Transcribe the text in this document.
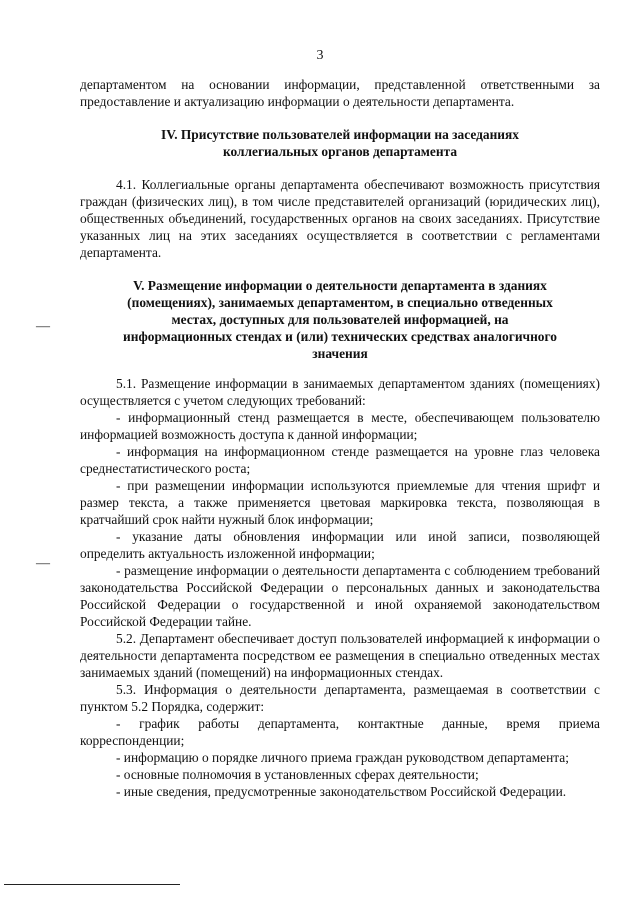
3
—
—

департаментом на основании информации, представленной ответственными за предоставление и актуализацию информации о деятельности департамента.

IV. Присутствие пользователей информации на заседаниях
коллегиальных органов департамента

4.1. Коллегиальные органы департамента обеспечивают возможность присутствия граждан (физических лиц), в том числе представителей организаций (юридических лиц), общественных объединений, государственных органов на своих заседаниях. Присутствие указанных лиц на этих заседаниях осуществляется в соответствии с регламентами департамента.

V. Размещение информации о деятельности департамента в зданиях
(помещениях), занимаемых департаментом, в специально отведенных
местах, доступных для пользователей информацией, на
информационных стендах и (или) технических средствах аналогичного
значения

5.1. Размещение информации в занимаемых департаментом зданиях (помещениях) осуществляется с учетом следующих требований:

- информационный стенд размещается в месте, обеспечивающем пользователю информацией возможность доступа к данной информации;

- информация на информационном стенде размещается на уровне глаз человека среднестатистического роста;

- при размещении информации используются приемлемые для чтения шрифт и размер текста, а также применяется цветовая маркировка текста, позволяющая в кратчайший срок найти нужный блок информации;

- указание даты обновления информации или иной записи, позволяющей определить актуальность изложенной информации;

- размещение информации о деятельности департамента с соблюдением требований законодательства Российской Федерации о персональных данных и законодательства Российской Федерации о государственной и иной охраняемой законодательством Российской Федерации тайне.

5.2. Департамент обеспечивает доступ пользователей информацией к информации о деятельности департамента посредством ее размещения в специально отведенных местах занимаемых зданий (помещений) на информационных стендах.

5.3. Информация о деятельности департамента, размещаемая в соответствии с пунктом 5.2 Порядка, содержит:

- график работы департамента, контактные данные, время приема корреспонденции;

- информацию о порядке личного приема граждан руководством департамента;

- основные полномочия в установленных сферах деятельности;

- иные сведения, предусмотренные законодательством Российской Федерации.
